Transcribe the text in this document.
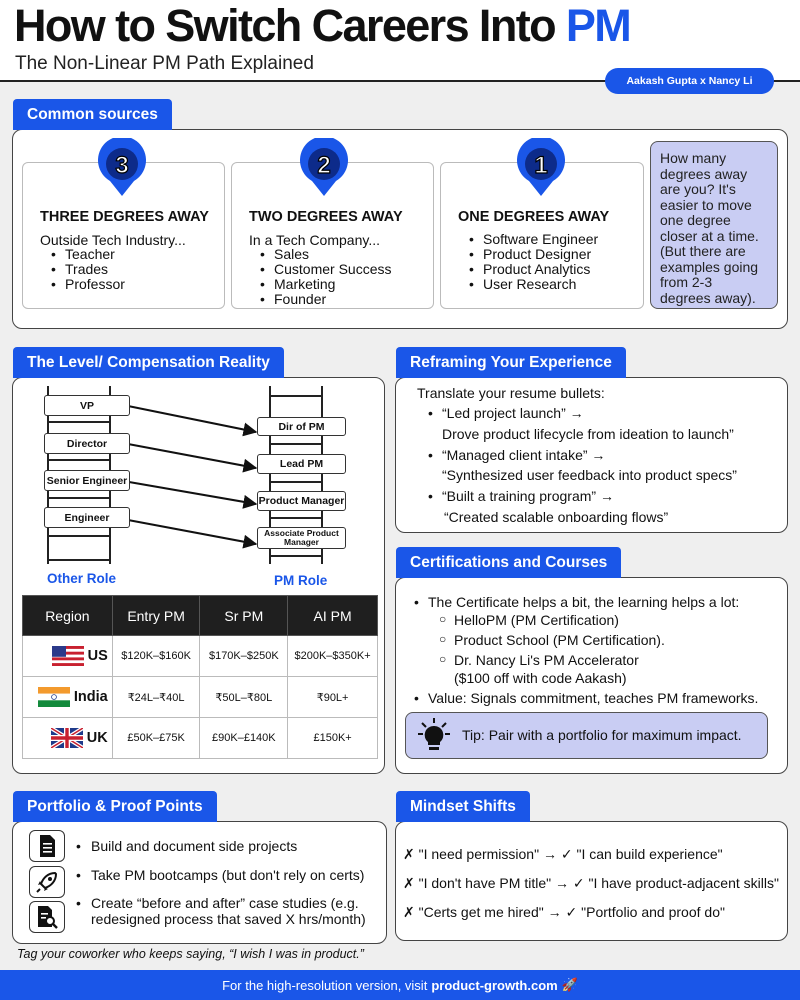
How to Switch Careers Into PM
The Non-Linear PM Path Explained
Aakash Gupta x Nancy Li
Common sources
3
THREE DEGREES AWAY
Outside Tech Industry...
• Teacher
• Trades
• Professor
2
TWO DEGREES AWAY
In a Tech Company...
• Sales
• Customer Success
• Marketing
• Founder
1
ONE DEGREES AWAY
• Software Engineer
• Product Designer
• Product Analytics
• User Research
How many
degrees away
are you? It's
easier to move
one degree
closer at a time.
(But there are
examples going
from 2-3
degrees away).
The Level/ Compensation Reality
VP
Director
Senior Engineer
Engineer
Dir of PM
Lead PM
Product Manager
Associate Product Manager
Other Role	PM Role
Region	Entry PM	Sr PM	AI PM
US	$120K–$160K	$170K–$250K	$200K–$350K+
India	₹24L–₹40L	₹50L–₹80L	₹90L+
UK	£50K–£75K	£90K–£140K	£150K+
Reframing Your Experience
Translate your resume bullets:
• “Led project launch” →
Drove product lifecycle from ideation to launch”
• “Managed client intake” →
“Synthesized user feedback into product specs”
• “Built a training program” →
“Created scalable onboarding flows”
Certifications and Courses
• The Certificate helps a bit, the learning helps a lot:
○ HelloPM (PM Certification)
○ Product School (PM Certification).
○ Dr. Nancy Li's PM Accelerator
($100 off with code Aakash)
• Value: Signals commitment, teaches PM frameworks.
Tip: Pair with a portfolio for maximum impact.
Portfolio & Proof Points
• Build and document side projects
• Take PM bootcamps (but don't rely on certs)
• Create “before and after” case studies (e.g.
redesigned process that saved X hrs/month)
Mindset Shifts
✗ "I need permission" → ✓ "I can build experience"
✗ "I don't have PM title" → ✓ "I have product-adjacent skills"
✗ "Certs get me hired" → ✓ "Portfolio and proof do"
Tag your coworker who keeps saying, “I wish I was in product.”
For the high-resolution version, visit product-growth.com 🚀
